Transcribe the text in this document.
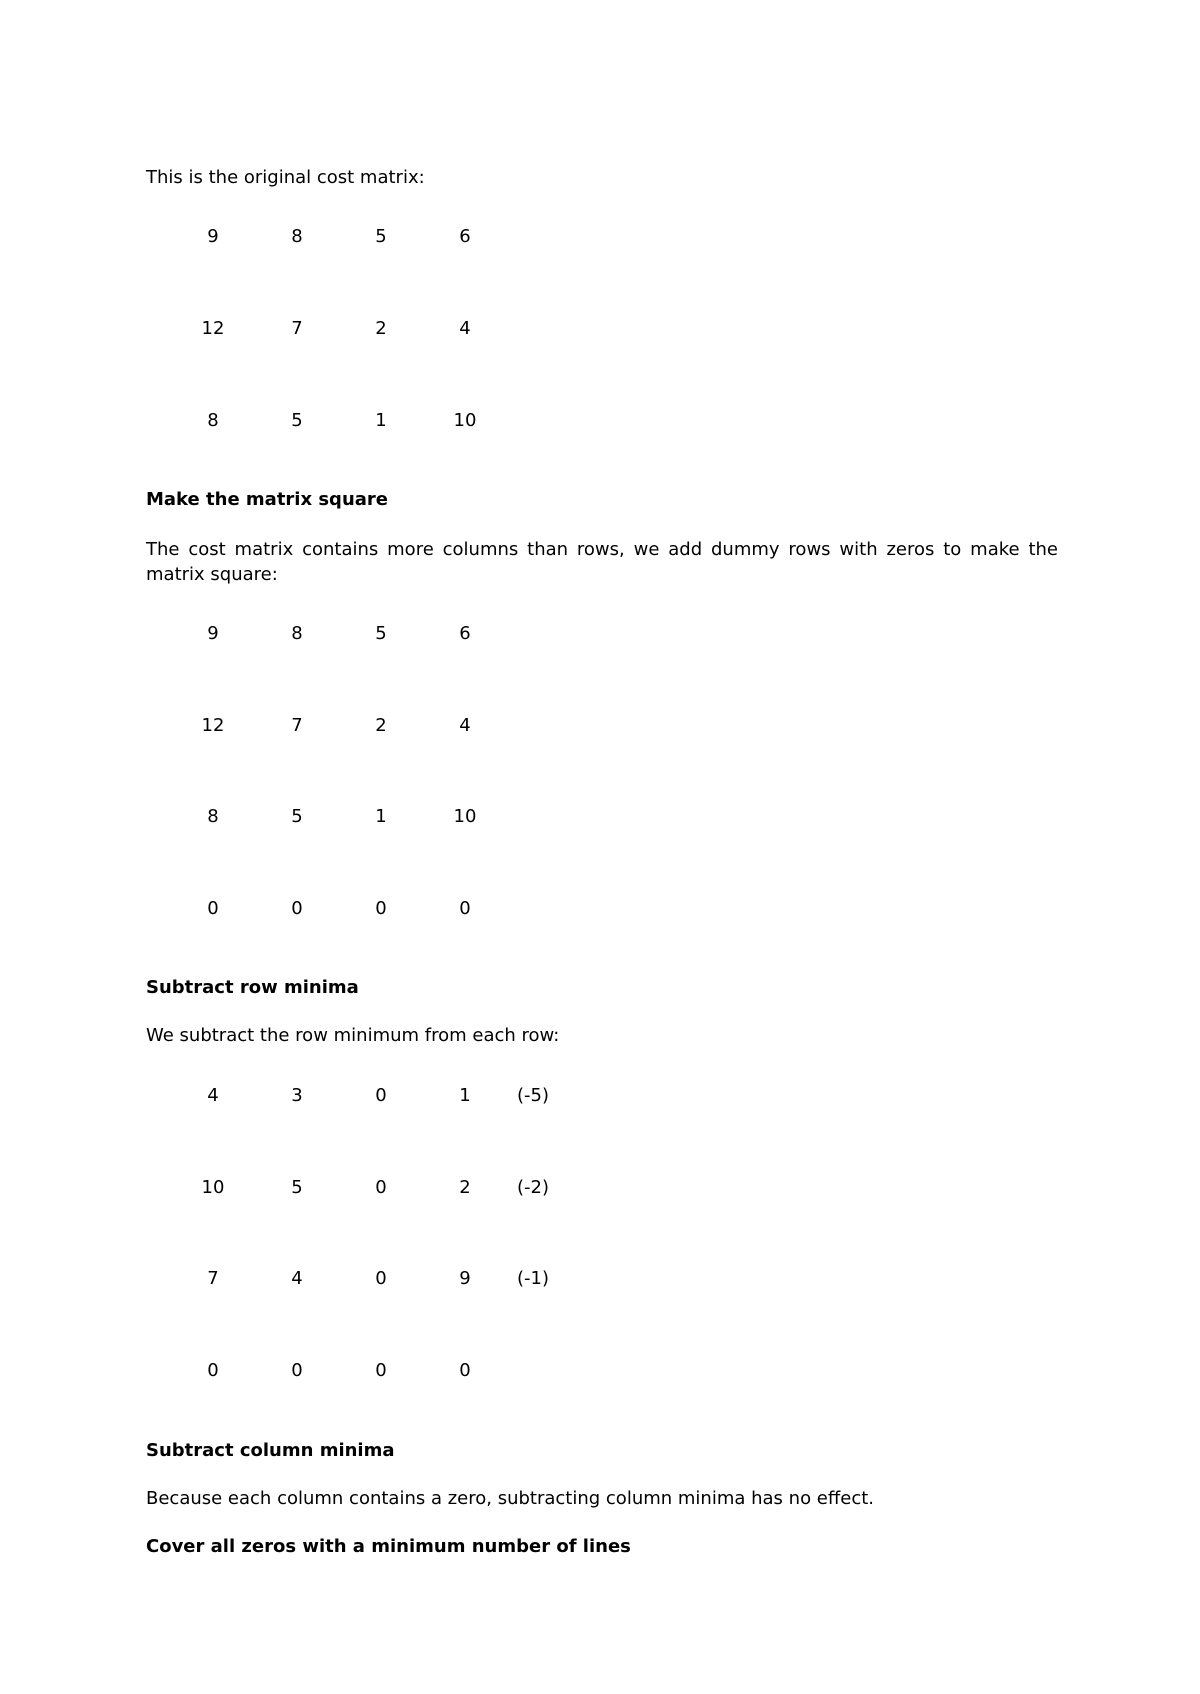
This is the original cost matrix:
9	8	5	6
12	7	2	4
8	5	1	10
Make the matrix square
The cost matrix contains more columns than rows, we add dummy rows with zeros to make the matrix square:
9	8	5	6
12	7	2	4
8	5	1	10
0	0	0	0
Subtract row minima
We subtract the row minimum from each row:
4	3	0	1	(-5)
10	5	0	2	(-2)
7	4	0	9	(-1)
0	0	0	0
Subtract column minima
Because each column contains a zero, subtracting column minima has no effect.
Cover all zeros with a minimum number of lines
